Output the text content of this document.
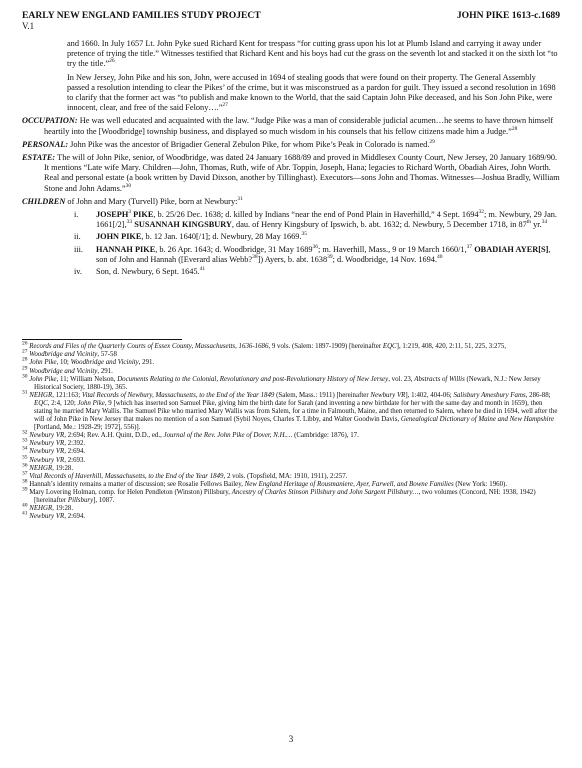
EARLY NEW ENGLAND FAMILIES STUDY PROJECT	JOHN PIKE 1613-c.1689
V.1

and 1660. In July 1657 Lt. John Pyke sued Richard Kent for trespass “for cutting grass upon his lot at Plumb Island and carrying it away under pretence of trying the title.” Witnesses testified that Richard Kent and his boys had cut the grass on the seventh lot and stacked it on the sixth lot “to try the title.”$^{26}$

In New Jersey, John Pike and his son, John, were accused in 1694 of stealing goods that were found on their property. The General Assembly passed a resolution intending to clear the Pikes’ of the crime, but it was misconstrued as a pardon for guilt. They issued a second resolution in 1698 to clarify that the former act was “to publish and make known to the World, that the said Captain John Pike deceased, and his Son John Pike, were innocent, clear, and free of the said Felony….”$^{27}$

OCCUPATION: He was well educated and acquainted with the law. “Judge Pike was a man of considerable judicial acumen…he seems to have thrown himself heartily into the [Woodbridge] township business, and displayed so much wisdom in his counsels that his fellow citizens made him a Judge.”$^{28}$

PERSONAL: John Pike was the ancestor of Brigadier General Zebulon Pike, for whom Pike’s Peak in Colorado is named.$^{29}$

ESTATE: The will of John Pike, senior, of Woodbridge, was dated 24 January 1688/89 and proved in Middlesex County Court, New Jersey, 20 January 1689/90. It mentions “Late wife Mary. Children—John, Thomas, Ruth, wife of Abr. Toppin, Joseph, Hana; legacies to Richard Worth, Obadiah Aires, John Worth. Real and personal estate (a book written by David Dixson, another by Tillinghast). Executors—sons John and Thomas. Witnesses—Joshua Bradly, William Stone and John Adams.”$^{30}$

CHILDREN of John and Mary (Turvell) Pike, born at Newbury:$^{31}$

i.	JOSEPH$^3$ PIKE, b. 25/26 Dec. 1638; d. killed by Indians “near the end of Pond Plain in Haverhilld,” 4 Sept. 1694$^{32}$; m. Newbury, 29 Jan. 1661[/2],$^{33}$ SUSANNAH KINGSBURY, dau. of Henry Kingsbury of Ipswich, b. abt. 1632; d. Newbury, 5 December 1718, in 87th yr.$^{34}$
ii.	JOHN PIKE, b. 12 Jan. 1640[/1]; d. Newbury, 28 May 1669.35
iii.	HANNAH PIKE, b. 26 Apr. 1643; d. Woodbridge, 31 May 1689$^{36}$; m. Haverhill, Mass., 9 or 19 March 1660/1,37 OBADIAH AYER[S], son of John and Hannah ([Everard alias Webb?$^{38}$]) Ayers, b. abt. 1638$^{39}$; d. Woodbridge, 14 Nov. 1694.40
iv.	Son, d. Newbury, 6 Sept. 1645.41

$^{26}$ Records and Files of the Quarterly Courts of Essex County, Massachusetts, 1636-1686, 9 vols. (Salem: 1897-1909) [hereinafter EQC], 1:219, 408, 420, 2:11, 51, 225, 3:275,

$^{27}$ Woodbridge and Vicinity, 57-58

$^{28}$ John Pike, 10; Woodbridge and Vicinity, 291.

$^{29}$ Woodbridge and Vicinity, 291.

$^{30}$ John Pike, 11; William Nelson, Documents Relating to the Colonial, Revolutionary and post-Revolutionary History of New Jersey, vol. 23, Abstracts of Willis (Newark, N.J.: New Jersey Historical Society, 1880-19), 365.

$^{31}$ NEHGR, 121:163; Vital Records of Newbury, Massachusetts, to the End of the Year 1849 (Salem, Mass.: 1911) [hereinafter Newbury VR], 1:402, 404-06; Salisbury Amesbury Fams, 286-88; EQC, 2:4, 120; John Pike, 9 [which has inserted son Samuel Pike, giving him the birth date for Sarah (and inventing a new birthdate for her with the same day and month in 1659), then stating he married Mary Wallis. The Samuel Pike who married Mary Wallis was from Salem, for a time in Falmouth, Maine, and then returned to Salem, where he died in 1694, well after the will of John Pike in New Jersey that makes no mention of a son Samuel (Sybil Noyes, Charles T. Libby, and Walter Goodwin Davis, Genealogical Dictionary of Maine and New Hampshire [Portland, Me.: 1928-29; 1972], 556)].

$^{32}$ Newbury VR, 2:694; Rev. A.H. Quint, D.D., ed., Journal of the Rev. John Pike of Dover, N.H.… (Cambridge: 1876), 17.

$^{33}$ Newbury VR, 2:392.

$^{34}$ Newbury VR, 2:694.

$^{35}$ Newbury VR, 2:693.

$^{36}$ NEHGR, 19:28.

$^{37}$ Vital Records of Haverhill, Massachusetts, to the End of the Year 1849, 2 vols. (Topsfield, MA: 1910, 1911), 2:257.

$^{38}$ Hannah’s identity remains a matter of discussion; see Rosalie Fellows Bailey, New England Heritage of Rousmaniere, Ayer, Farwell, and Bowne Families (New York: 1960).

$^{39}$ Mary Lovering Holman, comp. for Helen Pendleton (Winston) Pillsbury, Ancestry of Charles Stinson Pillsbury and John Sargent Pillsbury…, two volumes (Concord, NH: 1938, 1942) [hereinafter Pillsbury], 1087.

$^{40}$ NEHGR, 19:28.

$^{41}$ Newbury VR, 2:694.

3
